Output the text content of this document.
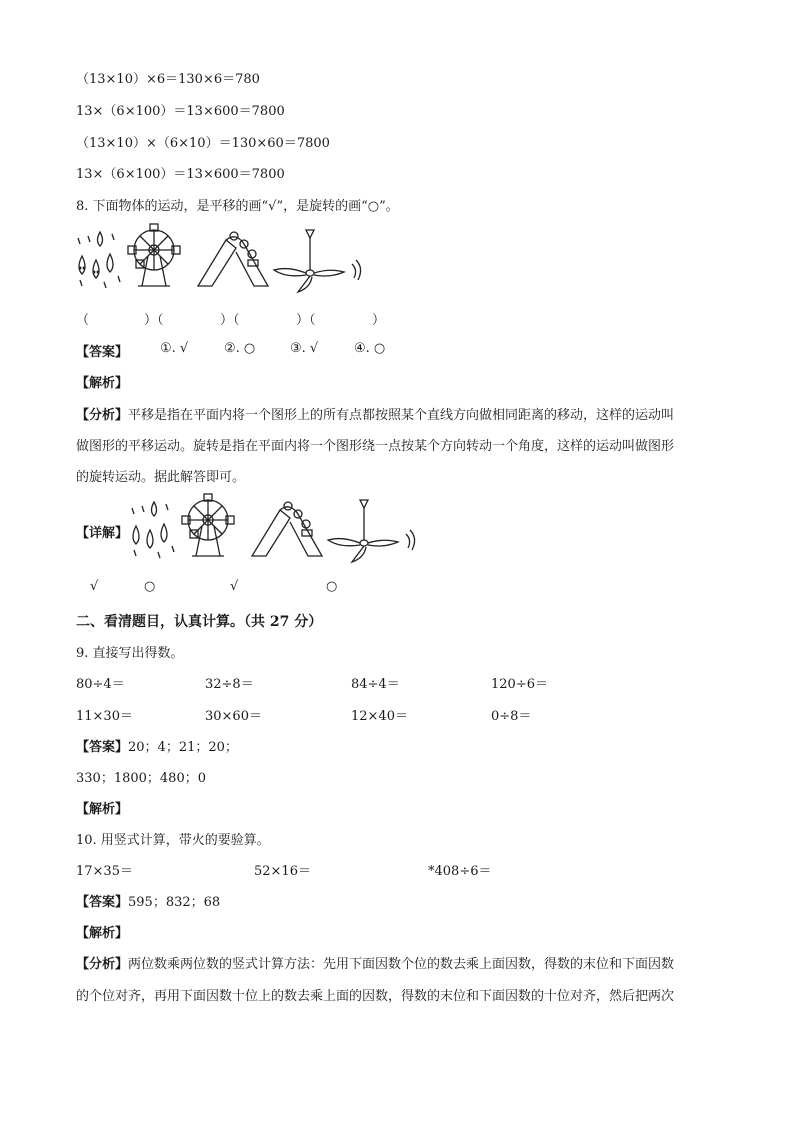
（13×10）×6＝130×6＝780
13×（6×100）＝13×600＝7800
（13×10）×（6×10）＝130×60＝7800
13×（6×100）＝13×600＝7800
8. 下面物体的运动，是平移的画“√”，是旋转的画“○”。
（	）（	）（	）（	）
【答案】 ①. √	②. ○	③. √	④. ○
【解析】
【分析】平移是指在平面内将一个图形上的所有点都按照某个直线方向做相同距离的移动，这样的运动叫
做图形的平移运动。旋转是指在平面内将一个图形绕一点按某个方向转动一个角度，这样的运动叫做图形
的旋转运动。据此解答即可。
【详解】
√	○	√	○
二、看清题目，认真计算。（共 27 分）
9. 直接写出得数。
80÷4＝	32÷8＝	84÷4＝	120÷6＝
11×30＝	30×60＝	12×40＝	0÷8＝
【答案】20；4；21；20；
330；1800；480；0
【解析】
10. 用竖式计算，带火的要验算。
17×35＝	52×16＝	*408÷6＝
【答案】595；832；68
【解析】
【分析】两位数乘两位数的竖式计算方法：先用下面因数个位的数去乘上面因数，得数的末位和下面因数
的个位对齐，再用下面因数十位上的数去乘上面的因数，得数的末位和下面因数的十位对齐，然后把两次
